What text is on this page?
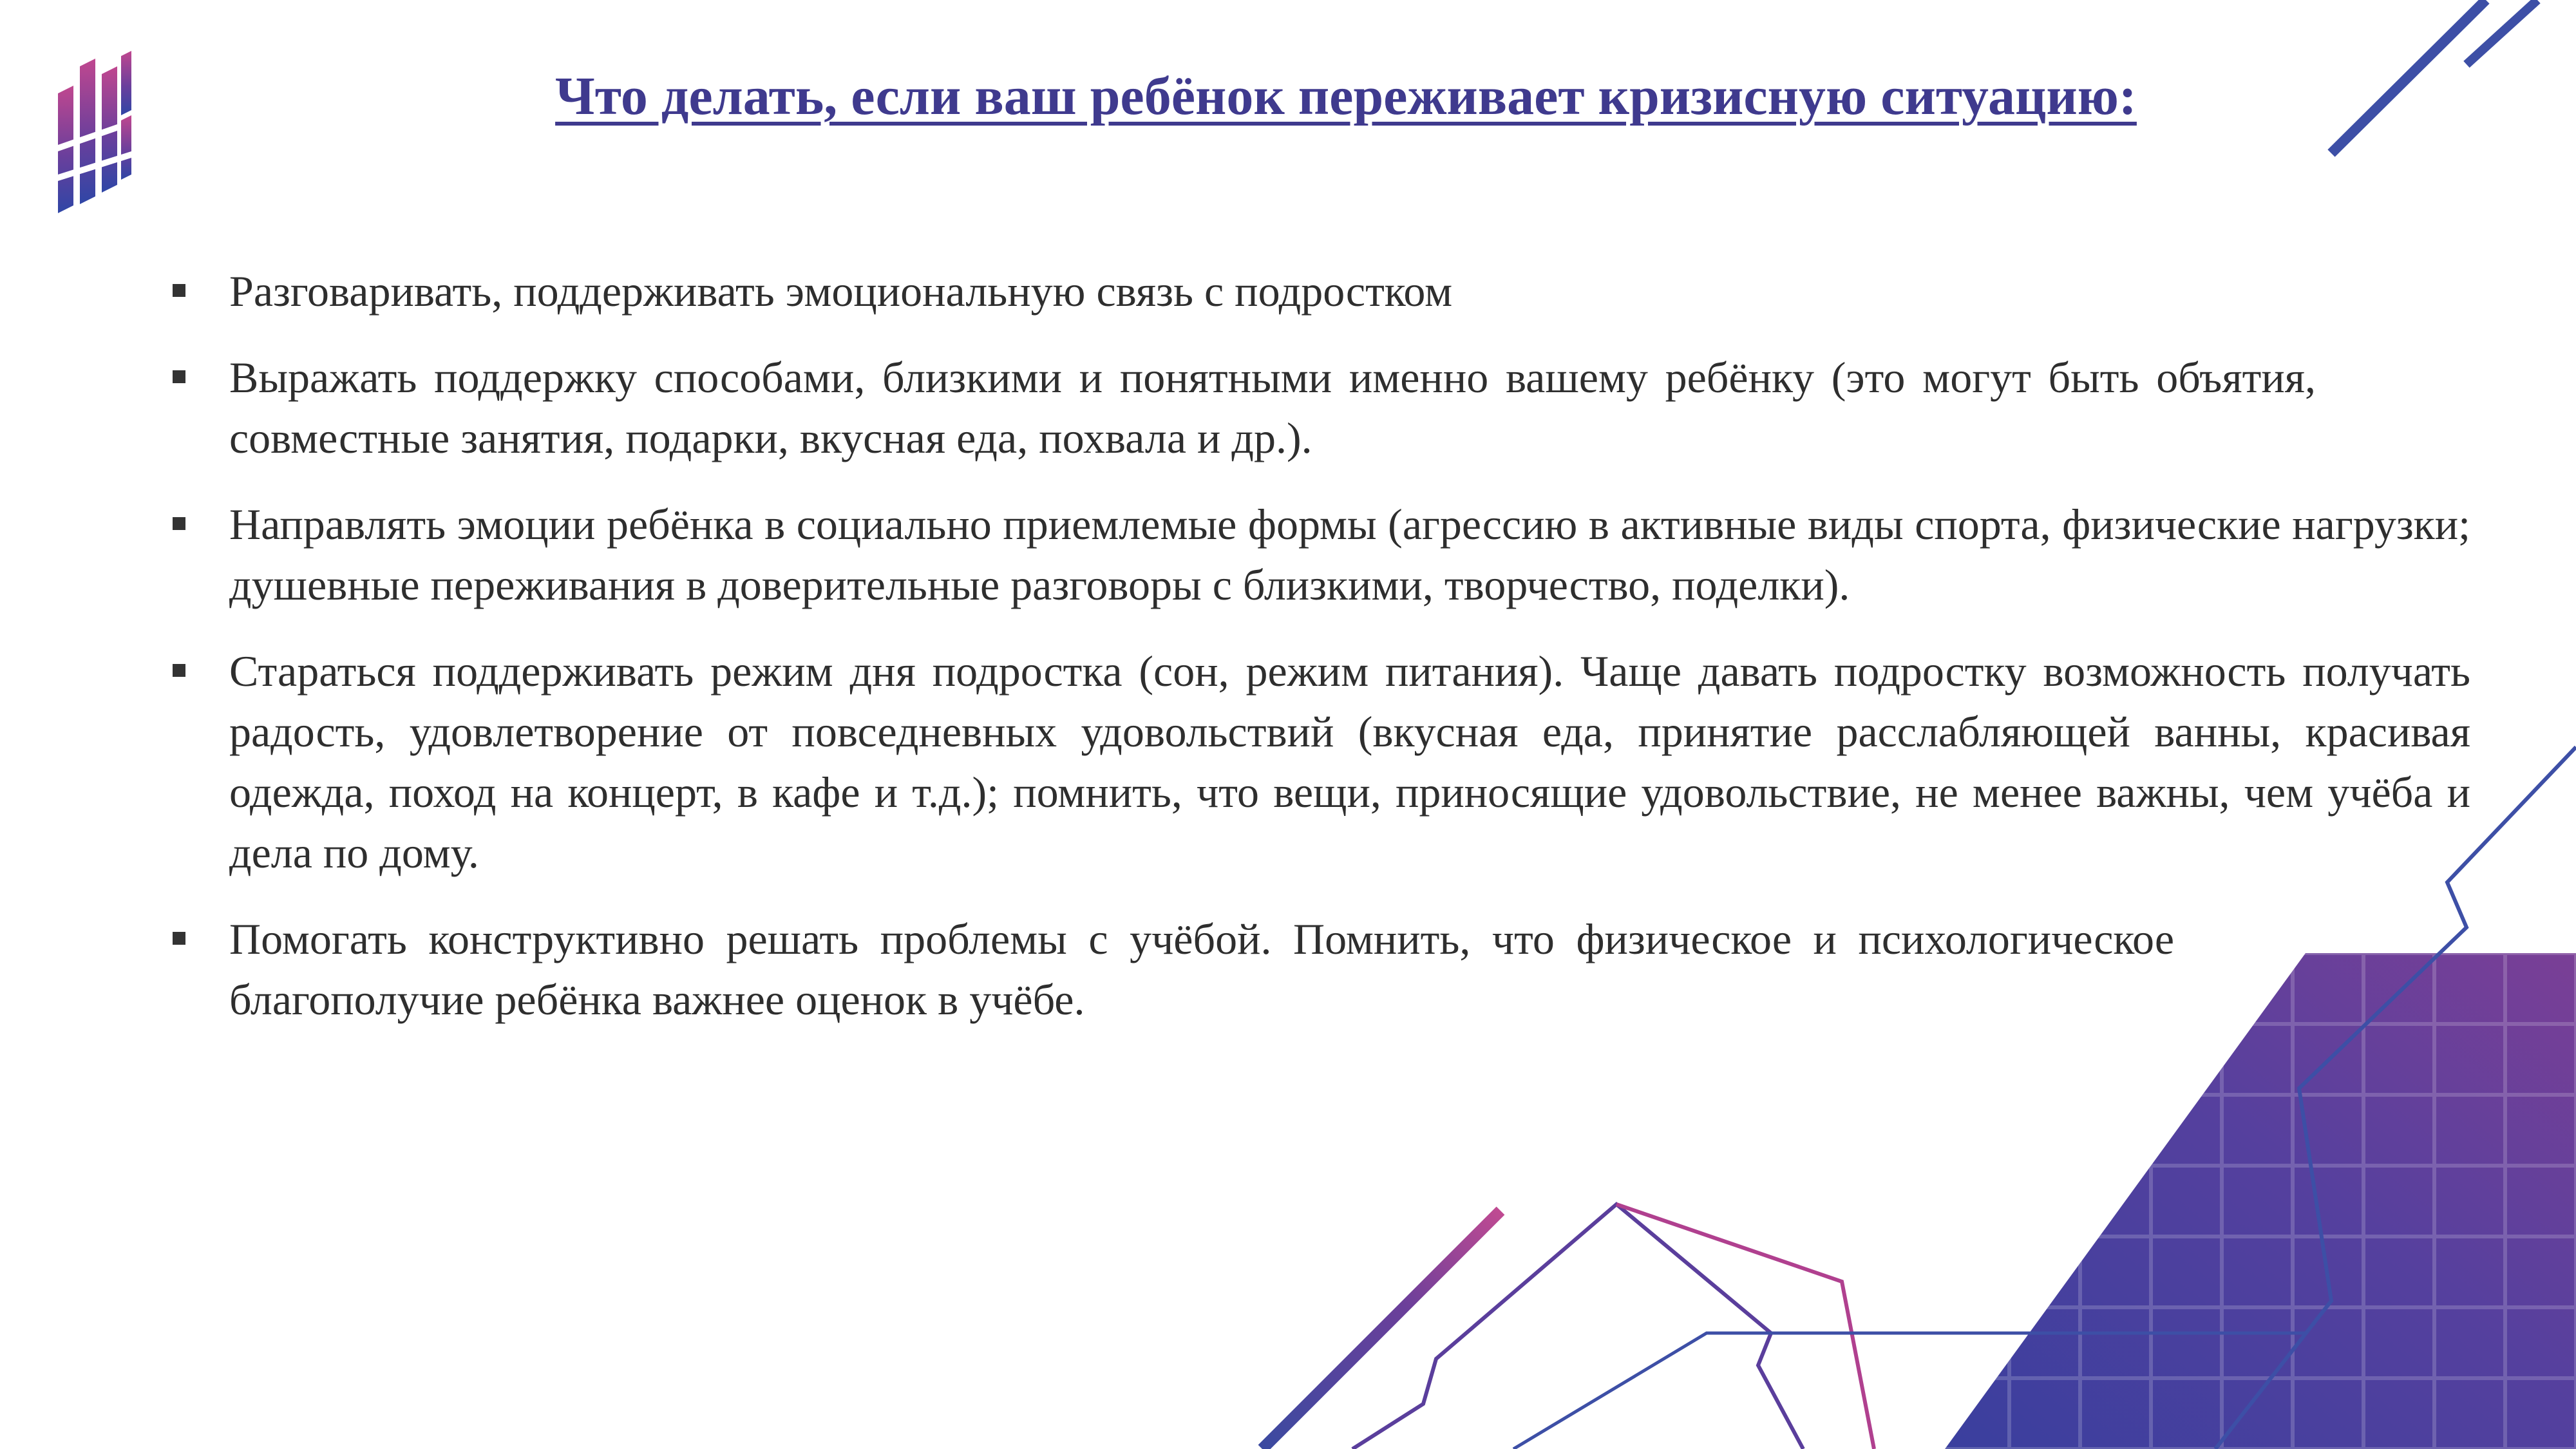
Что делать, если ваш ребёнок переживает кризисную ситуацию:
Разговаривать, поддерживать эмоциональную связь с подростком
Выражать поддержку способами, близкими и понятными именно вашему ребёнку (это могут быть объятия, совместные занятия, подарки, вкусная еда, похвала и др.).
Направлять эмоции ребёнка в социально приемлемые формы (агрессию в активные виды спорта, физические нагрузки; душевные переживания в доверительные разговоры с близкими, творчество, поделки).
Стараться поддерживать режим дня подростка (сон, режим питания). Чаще давать подростку возможность получать радость, удовлетворение от повседневных удовольствий (вкусная еда, принятие расслабляющей ванны, красивая одежда, поход на концерт, в кафе и т.д.); помнить, что вещи, приносящие удовольствие, не менее важны, чем учёба и дела по дому.
Помогать конструктивно решать проблемы с учёбой. Помнить, что физическое и психологическое благополучие ребёнка важнее оценок в учёбе.
